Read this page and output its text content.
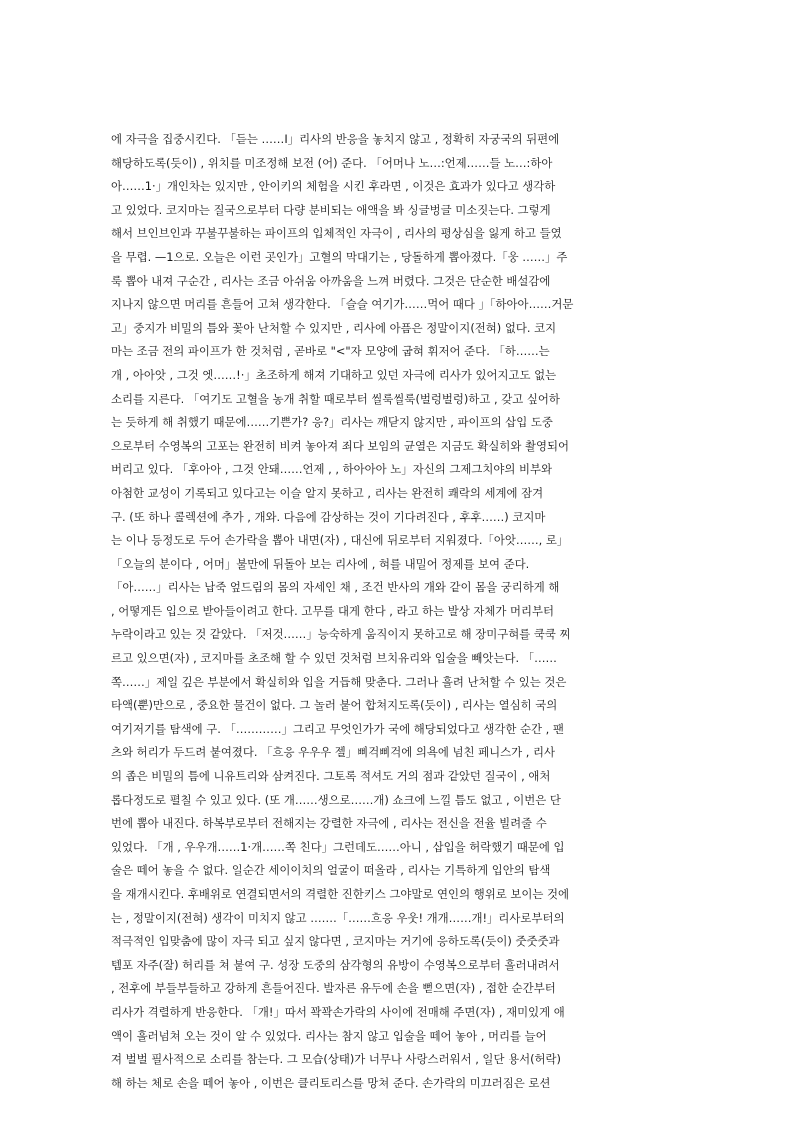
에 자극을 집중시킨다. 「듣는 ……I」리사의 반응을 놓치지 않고 , 정확히 자궁국의 뒤편에
해당하도록(듯이) , 위치를 미조정해 보전 (어) 준다. 「어머나 노…:언제……들 노…:하아
아……1·」개인차는 있지만 , 안이키의 체험을 시킨 후라면 , 이것은 효과가 있다고 생각하
고 있었다. 코지마는 질국으로부터 다량 분비되는 애액을 봐 싱글벙글 미소짓는다. 그렇게
해서 브인브인과 꾸불꾸불하는 파이프의 입체적인 자극이 , 리사의 평상심을 잃게 하고 들였
을 무렵. —1으로. 오늘은 이런 곳인가」고혈의 막대기는 , 당돌하게 뽑아졌다.「웅 ……」주
룩 뽑아 내져 구순간 , 리사는 조금 아쉬움 아까움을 느껴 버렸다. 그것은 단순한 배설감에
지나지 않으면 머리를 흔들어 고쳐 생각한다. 「슬슬 여기가……먹어 때다 」「하아아……거문
고」중지가 비밀의 틈와 꽃아 난처할 수 있지만 , 리사에 아픔은 정말이지(전혀) 없다. 코지
마는 조금 전의 파이프가 한 것처럼 , 곧바로 "<"자 모양에 굽혀 휘저어 준다. 「하……는
개 , 아아앗 , 그것 엣……!·」초조하게 해져 기대하고 있던 자극에 리사가 있어지고도 없는
소리를 지른다. 「여기도 고혈을 농개 취할 때로부터 씰룩씰룩(벌렁벌렁)하고 , 갖고 싶어하
는 듯하게 해 취했기 때문에……기쁜가? 응?」리사는 깨닫지 않지만 , 파이프의 삽입 도중
으로부터 수영복의 고포는 완전히 비켜 놓아져 죄다 보임의 균열은 지금도 확실히와 촬영되어
버리고 있다. 「후아아 , 그것 안돼……언제 , , 하아아아 노」자신의 그제그치야의 비부와
아첨한 교성이 기록되고 있다고는 이슬 알지 못하고 , 리사는 완전히 쾌락의 세계에 잠겨
구. (또 하나 콜렉션에 추가 , 개와. 다음에 감상하는 것이 기다려진다 , 후후……) 코지마
는 이나 등정도로 두어 손가락을 뽑아 내면(자) , 대신에 뒤로부터 지워졌다.「아앗……, 로」
「오늘의 분이다 , 어머」불만에 뒤돌아 보는 리사에 , 혀를 내밀어 정제를 보여 준다.
「아……」리사는 납죽 엎드림의 몸의 자세인 채 , 조건 반사의 개와 같이 몸을 궁리하게 해
, 어떻게든 입으로 받아들이려고 한다. 고무를 대게 한다 , 라고 하는 발상 자체가 머리부터
누락이라고 있는 것 같았다. 「저것……」능숙하게 움직이지 못하고로 해 장미구혀를 쿡쿡 찌
르고 있으면(자) , 코지마를 초조해 할 수 있던 것처럼 브치유리와 입술을 빼앗는다. 「……
쪽……」제일 깊은 부분에서 확실히와 입을 거듭해 맞춘다. 그러나 흘려 난처할 수 있는 것은
타액(뿐)만으로 , 중요한 물건이 없다. 그 놀러 붙어 합쳐지도록(듯이) , 리사는 열심히 국의
여기저기를 탐색에 구. 「…………」그리고 무엇인가가 국에 해당되었다고 생각한 순간 , 팬
츠와 허리가 두드려 붙여졌다. 「흐응 우우우 젤」삐걱삐걱에 의욕에 넘친 페니스가 , 리사
의 좁은 비밀의 틈에 니유트리와 삼켜진다. 그토록 적셔도 거의 점과 같았던 질국이 , 애처
롭다정도로 펼칠 수 있고 있다. (또 개……생으로……개) 쇼크에 느낄 틈도 없고 , 이번은 단
번에 뽑아 내진다. 하복부로부터 전해지는 강렬한 자극에 , 리사는 전신을 전율 빌려줄 수
있었다. 「개 , 우우개……1·개……쪽 친다」그런데도……아니 , 삽입을 허락했기 때문에 입
술은 떼어 놓을 수 없다. 일순간 세이이치의 얼굴이 떠올라 , 리사는 기특하게 입안의 탐색
을 재개시킨다. 후배위로 연결되면서의 격렬한 진한키스 그야말로 연인의 행위로 보이는 것에
는 , 정말이지(전혀) 생각이 미치지 않고 …….「……흐응 우웃! 개개……개!」리사로부터의
적극적인 입맞춤에 많이 자극 되고 싶지 않다면 , 코지마는 거기에 응하도록(듯이) 줏줏줏과
템포 자주(잘) 허리를 쳐 붙여 구. 성장 도중의 삼각형의 유방이 수영복으로부터 흘러내려서
, 전후에 부들부들하고 강하게 흔들어진다. 발자른 유두에 손을 뻗으면(자) , 접한 순간부터
리사가 격렬하게 반응한다. 「개!」따서 꽉꽉손가락의 사이에 전매해 주면(자) , 재미있게 애
액이 흘러넘쳐 오는 것이 알 수 있었다. 리사는 참지 않고 입술을 떼어 놓아 , 머리를 늘어
져 벌벌 필사적으로 소리를 참는다. 그 모습(상태)가 너무나 사랑스러워서 , 일단 용서(허락)
해 하는 체로 손을 떼어 놓아 , 이번은 클리토리스를 망쳐 준다. 손가락의 미끄러짐은 로션
